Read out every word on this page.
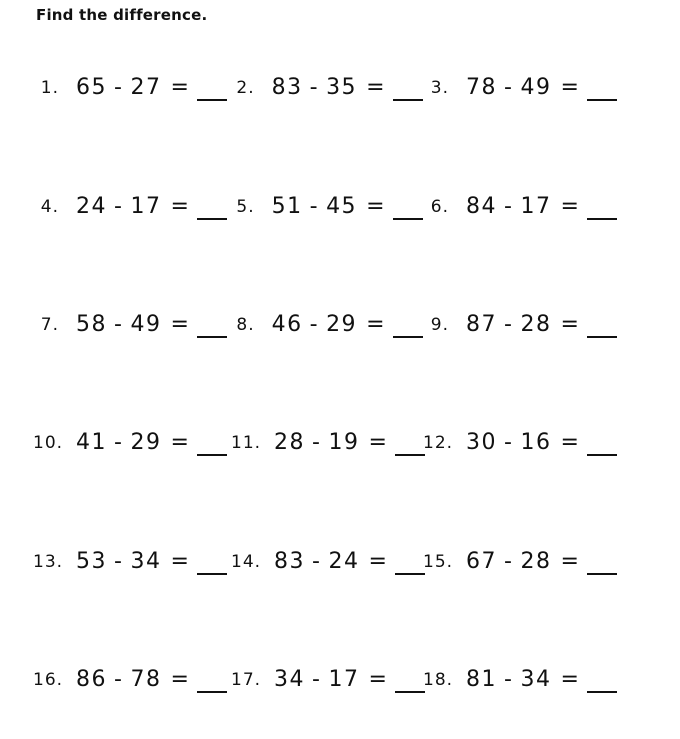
Find the difference.
1. 65 - 27 =	2. 83 - 35 =	3. 78 - 49 =
4. 24 - 17 =	5. 51 - 45 =	6. 84 - 17 =
7. 58 - 49 =	8. 46 - 29 =	9. 87 - 28 =
10. 41 - 29 =	11. 28 - 19 =	12. 30 - 16 =
13. 53 - 34 =	14. 83 - 24 =	15. 67 - 28 =
16. 86 - 78 =	17. 34 - 17 =	18. 81 - 34 =
